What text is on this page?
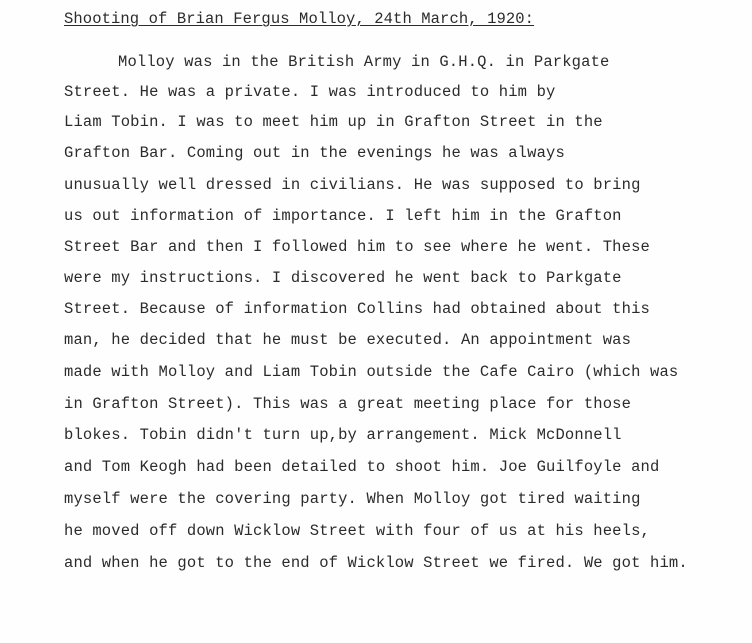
Shooting of Brian Fergus Molloy, 24th March, 1920:
Molloy was in the British Army in G.H.Q. in Parkgate
Street. He was a private. I was introduced to him by
Liam Tobin. I was to meet him up in Grafton Street in the
Grafton Bar. Coming out in the evenings he was always
unusually well dressed in civilians. He was supposed to bring
us out information of importance. I left him in the Grafton
Street Bar and then I followed him to see where he went. These
were my instructions. I discovered he went back to Parkgate
Street. Because of information Collins had obtained about this
man, he decided that he must be executed. An appointment was
made with Molloy and Liam Tobin outside the Cafe Cairo (which was
in Grafton Street). This was a great meeting place for those
blokes. Tobin didn't turn up,by arrangement. Mick McDonnell
and Tom Keogh had been detailed to shoot him. Joe Guilfoyle and
myself were the covering party. When Molloy got tired waiting
he moved off down Wicklow Street with four of us at his heels,
and when he got to the end of Wicklow Street we fired. We got him.
